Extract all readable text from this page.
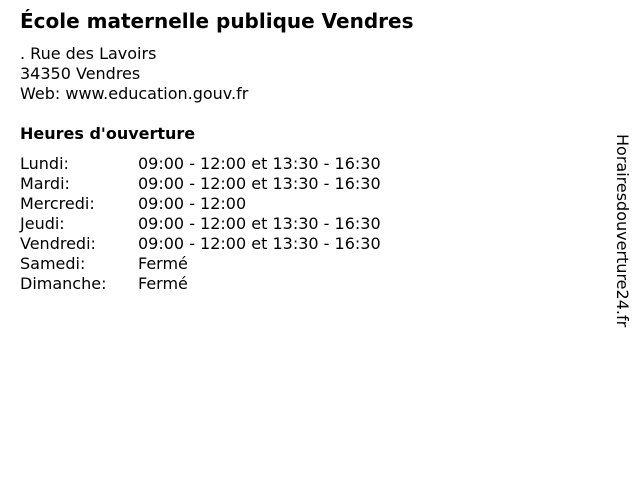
École maternelle publique Vendres
. Rue des Lavoirs
34350 Vendres
Web: www.education.gouv.fr
Heures d'ouverture
Lundi:	09:00 - 12:00 et 13:30 - 16:30
Mardi:	09:00 - 12:00 et 13:30 - 16:30
Mercredi:	09:00 - 12:00
Jeudi:	09:00 - 12:00 et 13:30 - 16:30
Vendredi:	09:00 - 12:00 et 13:30 - 16:30
Samedi:	Fermé
Dimanche: Fermé	Horairesdouverture24.fr
